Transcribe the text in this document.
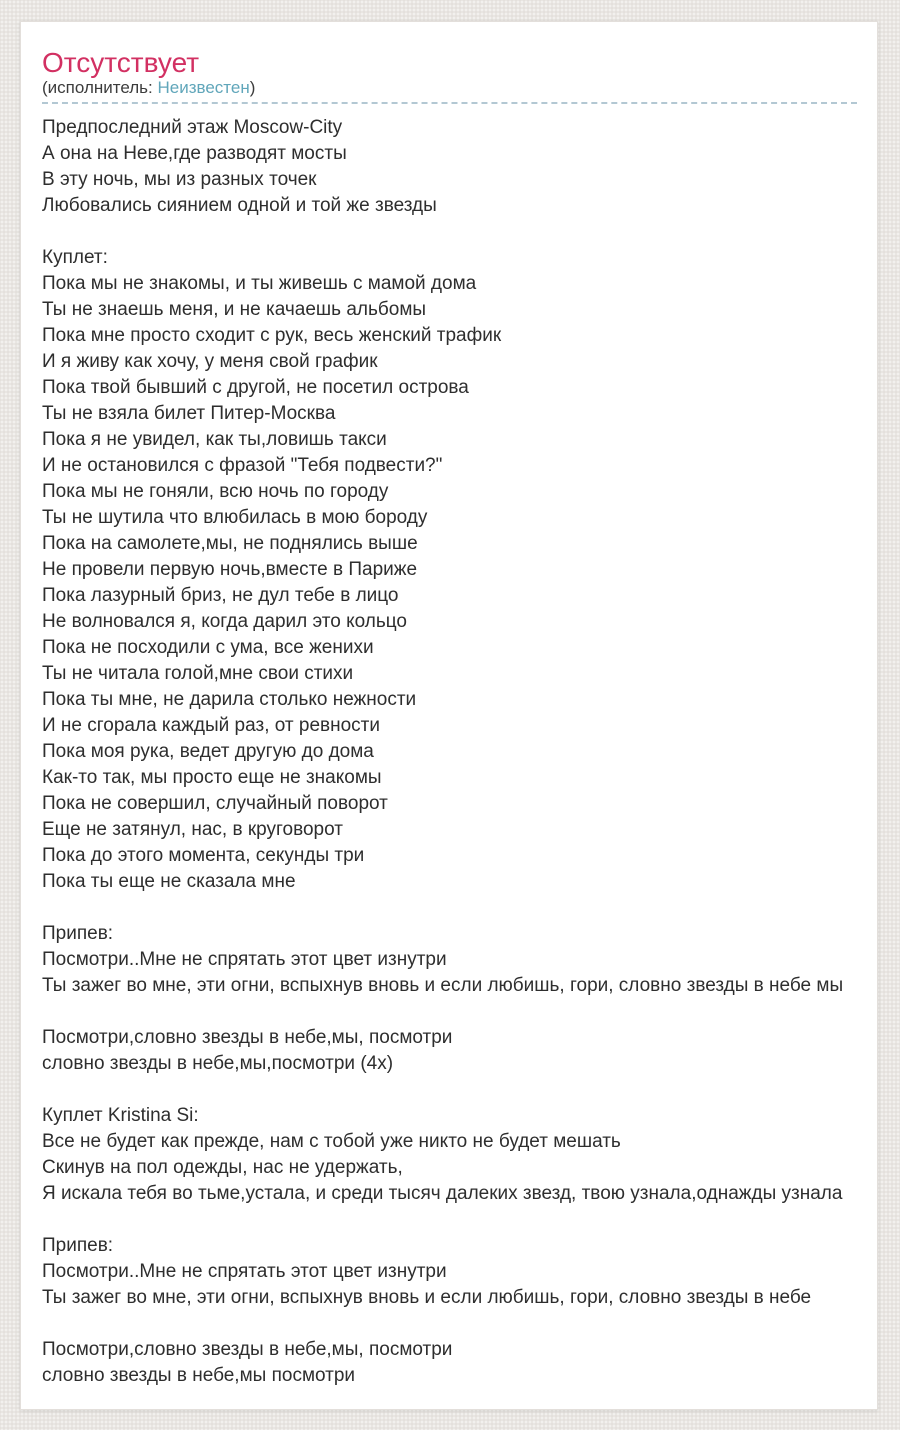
Отсутствует
(исполнитель: Неизвестен)
Предпоследний этаж Moscow-City
А она на Неве,где разводят мосты
В эту ночь, мы из разных точек
Любовались сиянием одной и той же звезды

Куплет:
Пока мы не знакомы, и ты живешь с мамой дома
Ты не знаешь меня, и не качаешь альбомы
Пока мне просто сходит с рук, весь женский трафик
И я живу как хочу, у меня свой график
Пока твой бывший с другой, не посетил острова
Ты не взяла билет Питер-Москва
Пока я не увидел, как ты,ловишь такси
И не остановился с фразой "Тебя подвести?"
Пока мы не гоняли, всю ночь по городу
Ты не шутила что влюбилась в мою бороду
Пока на самолете,мы, не поднялись выше
Не провели первую ночь,вместе в Париже
Пока лазурный бриз, не дул тебе в лицо
Не волновался я, когда дарил это кольцо
Пока не посходили с ума, все женихи
Ты не читала голой,мне свои стихи
Пока ты мне, не дарила столько нежности
И не сгорала каждый раз, от ревности
Пока моя рука, ведет другую до дома
Как-то так, мы просто еще не знакомы
Пока не совершил, случайный поворот
Еще не затянул, нас, в круговорот
Пока до этого момента, секунды три
Пока ты еще не сказала мне

Припев:
Посмотри..Мне не спрятать этот цвет изнутри
Ты зажег во мне, эти огни, вспыхнув вновь и если любишь, гори, словно звезды в небе мы

Посмотри,словно звезды в небе,мы, посмотри
словно звезды в небе,мы,посмотри (4х)

Куплет Kristina Si:
Все не будет как прежде, нам с тобой уже никто не будет мешать
Скинув на пол одежды, нас не удержать,
Я искала тебя во тьме,устала, и среди тысяч далеких звезд, твою узнала,однажды узнала

Припев:
Посмотри..Мне не спрятать этот цвет изнутри
Ты зажег во мне, эти огни, вспыхнув вновь и если любишь, гори, словно звезды в небе

Посмотри,словно звезды в небе,мы, посмотри
словно звезды в небе,мы посмотри
